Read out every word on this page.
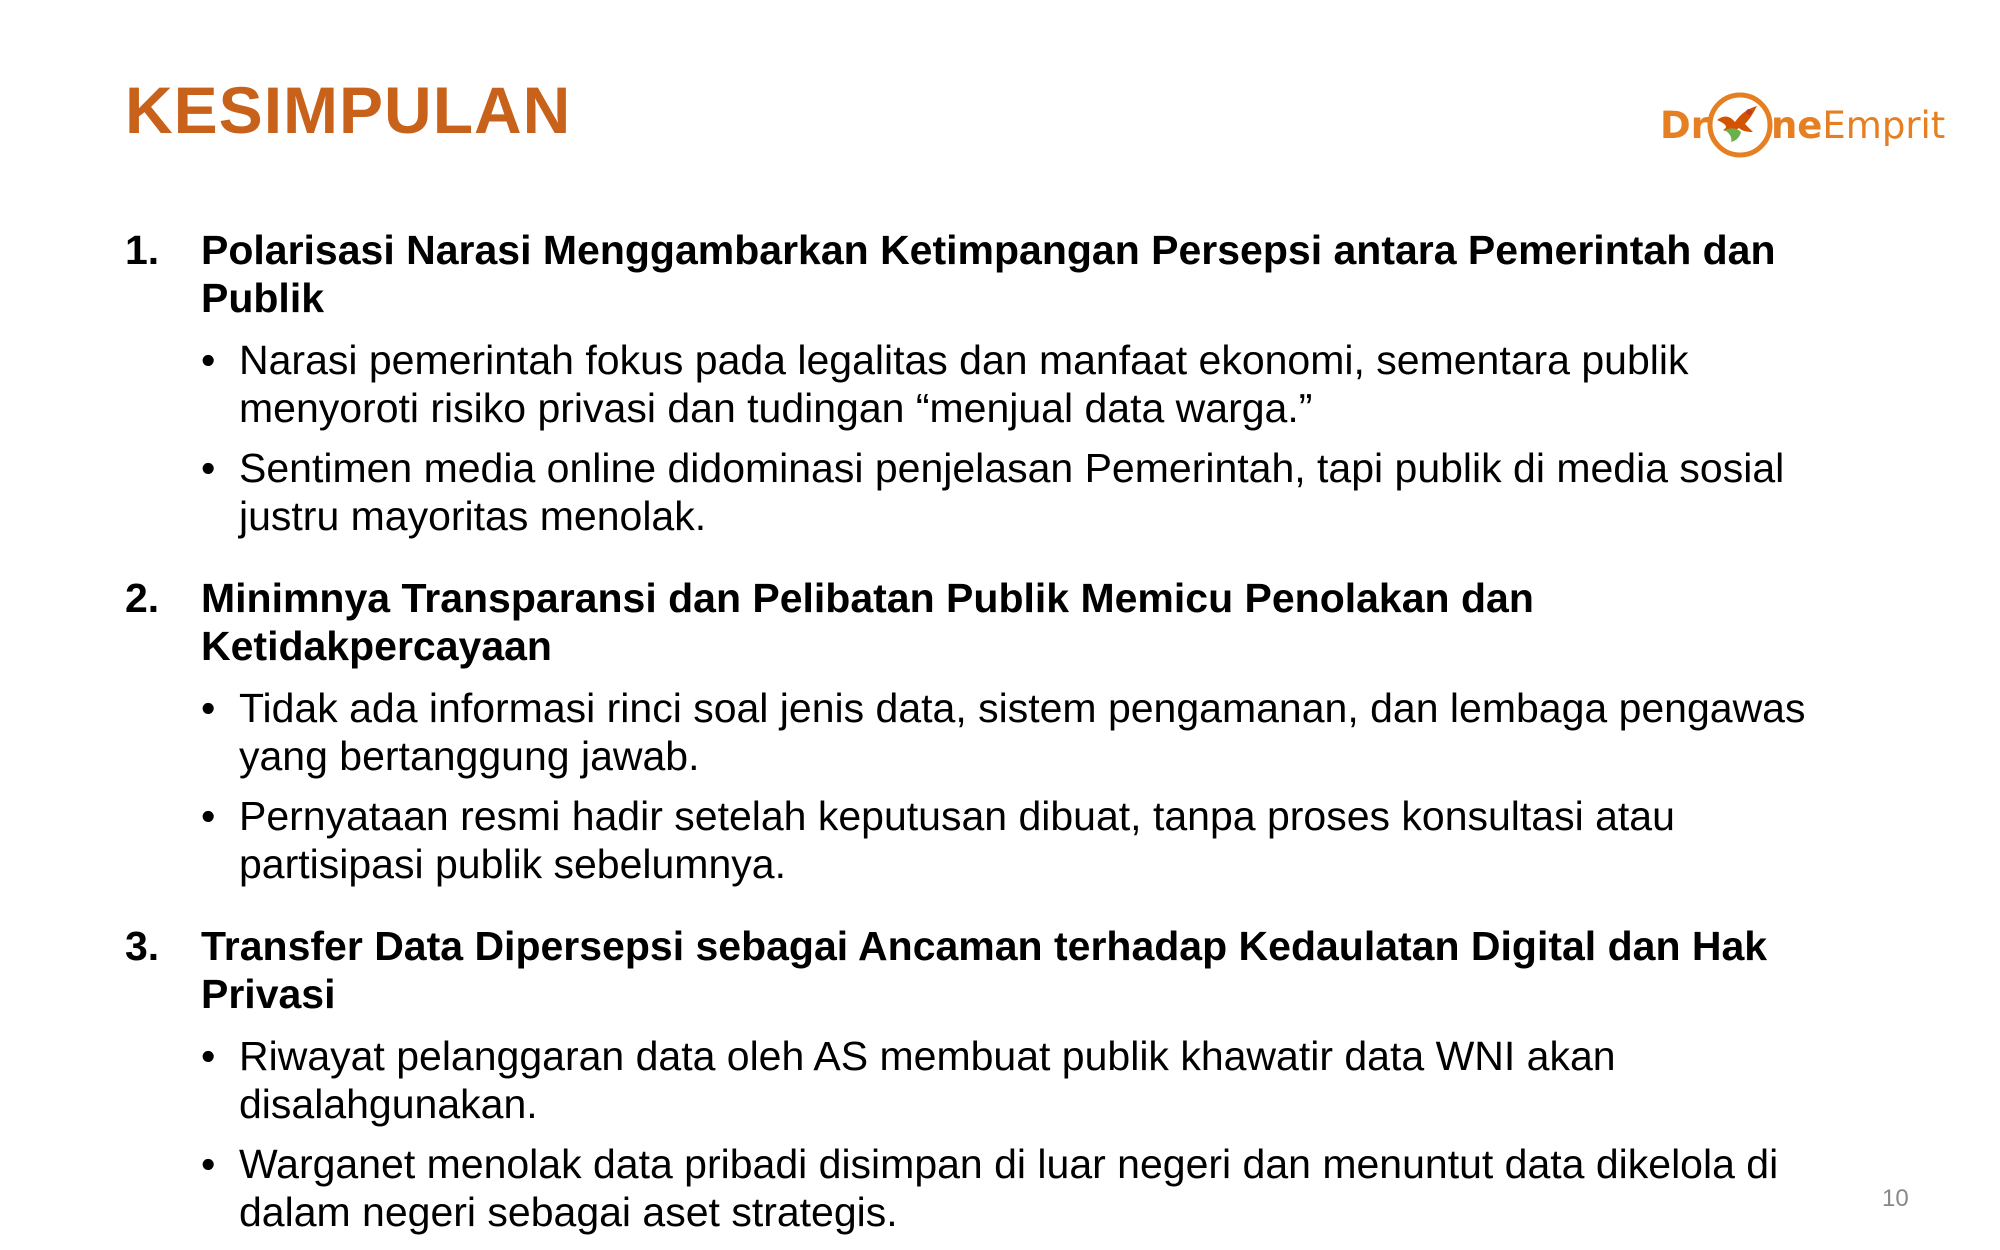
KESIMPULAN	Dr ne Emprit
1.	Polarisasi Narasi Menggambarkan Ketimpangan Persepsi antara Pemerintah dan Publik
• Narasi pemerintah fokus pada legalitas dan manfaat ekonomi, sementara publik menyoroti risiko privasi dan tudingan “menjual data warga.”
• Sentimen media online didominasi penjelasan Pemerintah, tapi publik di media sosial justru mayoritas menolak.
2.	Minimnya Transparansi dan Pelibatan Publik Memicu Penolakan dan Ketidakpercayaan
• Tidak ada informasi rinci soal jenis data, sistem pengamanan, dan lembaga pengawas yang bertanggung jawab.
• Pernyataan resmi hadir setelah keputusan dibuat, tanpa proses konsultasi atau partisipasi publik sebelumnya.
3.	Transfer Data Dipersepsi sebagai Ancaman terhadap Kedaulatan Digital dan Hak Privasi
• Riwayat pelanggaran data oleh AS membuat publik khawatir data WNI akan disalahgunakan.
• Warganet menolak data pribadi disimpan di luar negeri dan menuntut data dikelola di dalam negeri sebagai aset strategis.	10
